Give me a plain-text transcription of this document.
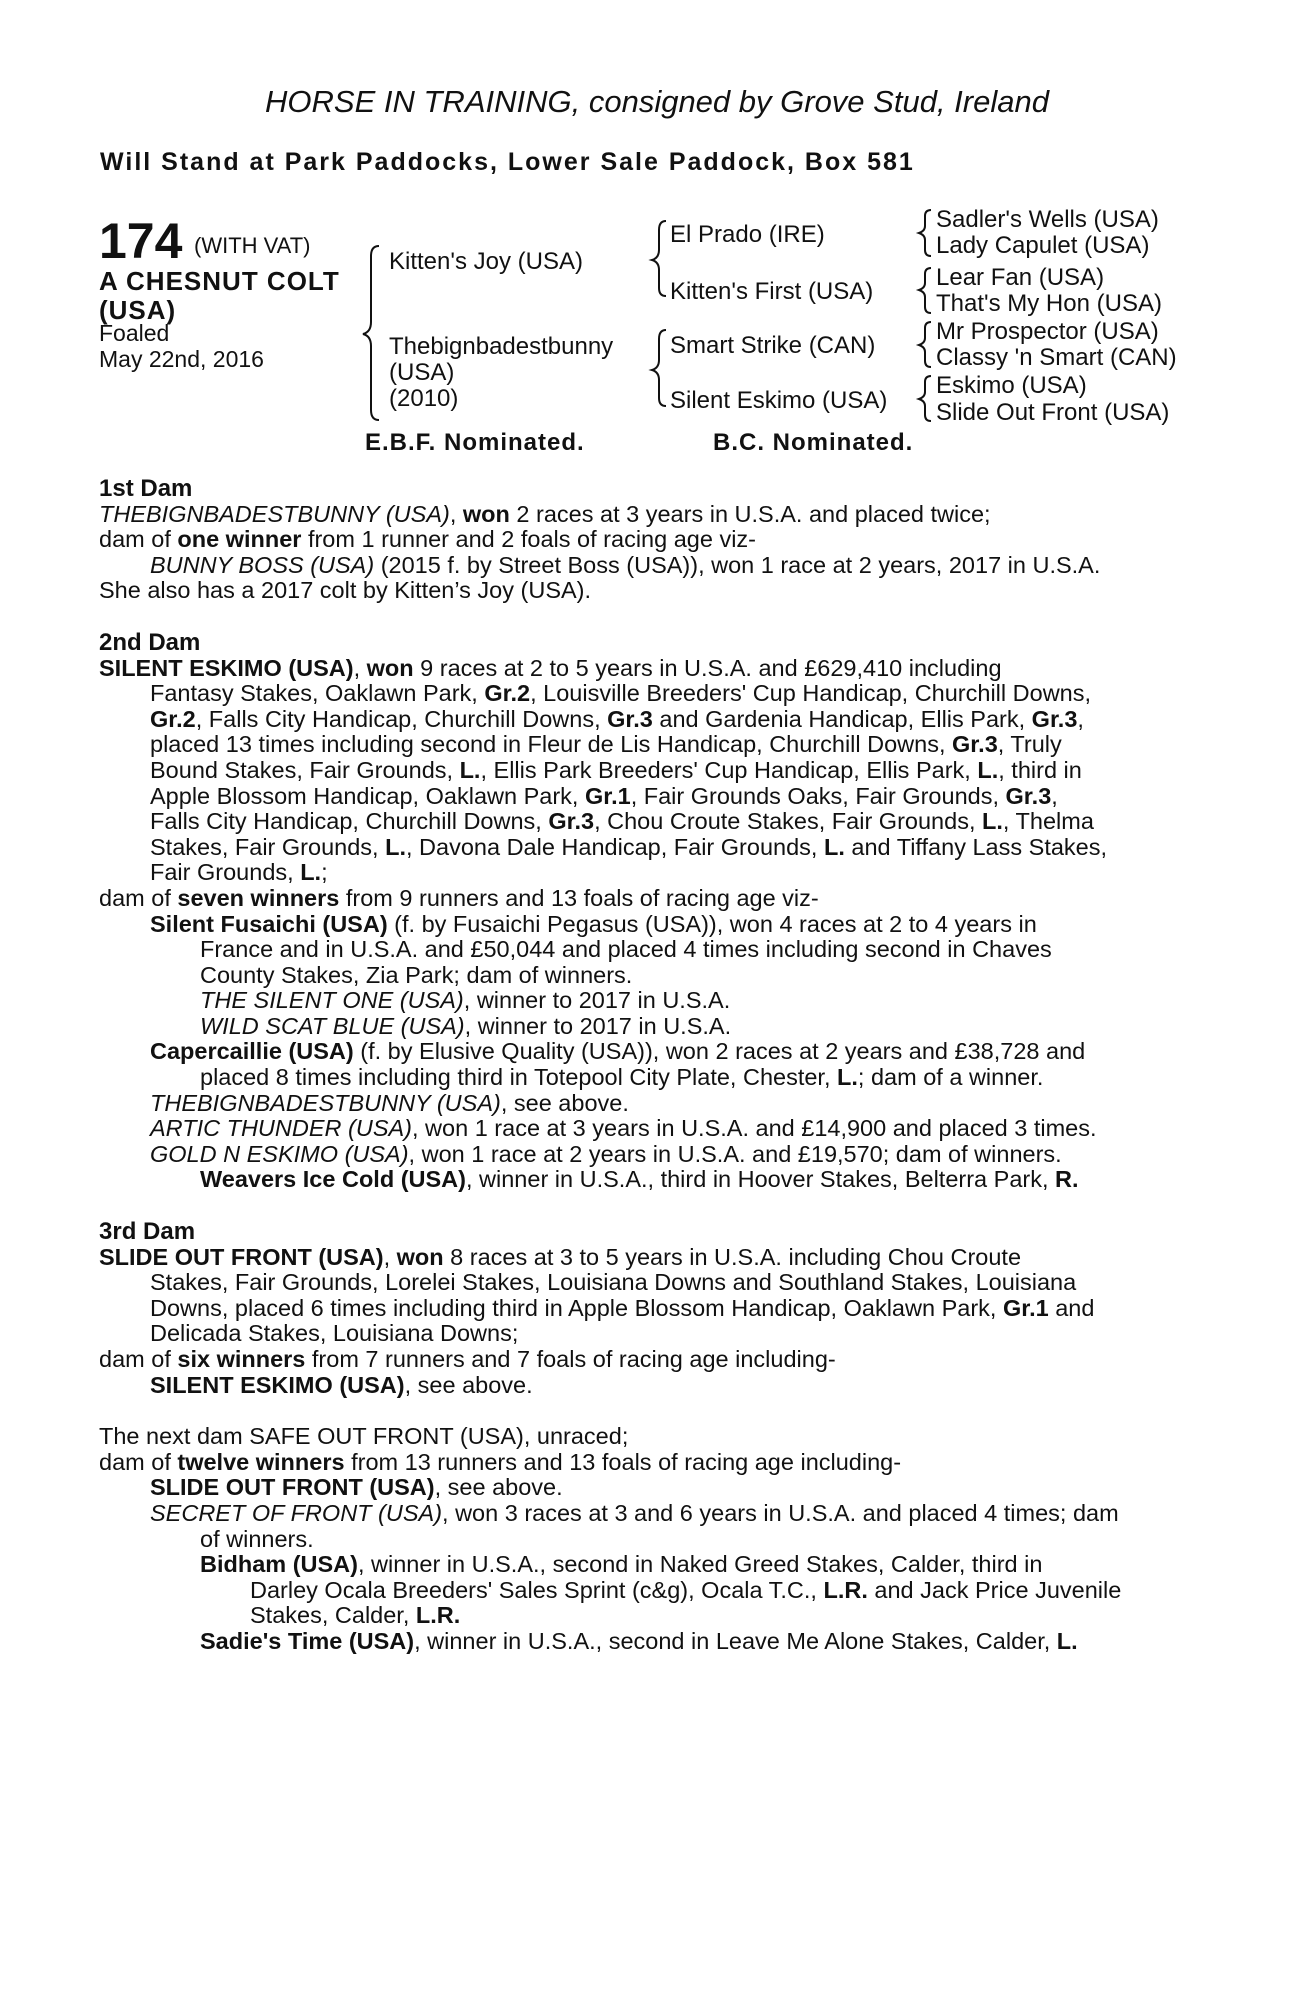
HORSE IN TRAINING, consigned by Grove Stud, Ireland
Will Stand at Park Paddocks, Lower Sale Paddock, Box 581
174 (WITH VAT)
A CHESNUT COLT
(USA)
Foaled
May 22nd, 2016
Kitten's Joy (USA)
Thebignbadestbunny
(USA)
(2010)
El Prado (IRE)
Kitten's First (USA)
Smart Strike (CAN)
Silent Eskimo (USA)
Sadler's Wells (USA)
Lady Capulet (USA)
Lear Fan (USA)
That's My Hon (USA)
Mr Prospector (USA)
Classy 'n Smart (CAN)
Eskimo (USA)
Slide Out Front (USA)
E.B.F. Nominated.	B.C. Nominated.

1st Dam

THEBIGNBADESTBUNNY (USA), won 2 races at 3 years in U.S.A. and placed twice;

dam of one winner from 1 runner and 2 foals of racing age viz-

BUNNY BOSS (USA) (2015 f. by Street Boss (USA)), won 1 race at 2 years, 2017 in U.S.A.

She also has a 2017 colt by Kitten’s Joy (USA).

2nd Dam

SILENT ESKIMO (USA), won 9 races at 2 to 5 years in U.S.A. and £629,410 including

Fantasy Stakes, Oaklawn Park, Gr.2, Louisville Breeders' Cup Handicap, Churchill Downs,

Gr.2, Falls City Handicap, Churchill Downs, Gr.3 and Gardenia Handicap, Ellis Park, Gr.3,

placed 13 times including second in Fleur de Lis Handicap, Churchill Downs, Gr.3, Truly

Bound Stakes, Fair Grounds, L., Ellis Park Breeders' Cup Handicap, Ellis Park, L., third in

Apple Blossom Handicap, Oaklawn Park, Gr.1, Fair Grounds Oaks, Fair Grounds, Gr.3,

Falls City Handicap, Churchill Downs, Gr.3, Chou Croute Stakes, Fair Grounds, L., Thelma

Stakes, Fair Grounds, L., Davona Dale Handicap, Fair Grounds, L. and Tiffany Lass Stakes,

Fair Grounds, L.;

dam of seven winners from 9 runners and 13 foals of racing age viz-

Silent Fusaichi (USA) (f. by Fusaichi Pegasus (USA)), won 4 races at 2 to 4 years in

France and in U.S.A. and £50,044 and placed 4 times including second in Chaves

County Stakes, Zia Park; dam of winners.

THE SILENT ONE (USA), winner to 2017 in U.S.A.

WILD SCAT BLUE (USA), winner to 2017 in U.S.A.

Capercaillie (USA) (f. by Elusive Quality (USA)), won 2 races at 2 years and £38,728 and

placed 8 times including third in Totepool City Plate, Chester, L.; dam of a winner.

THEBIGNBADESTBUNNY (USA), see above.

ARTIC THUNDER (USA), won 1 race at 3 years in U.S.A. and £14,900 and placed 3 times.

GOLD N ESKIMO (USA), won 1 race at 2 years in U.S.A. and £19,570; dam of winners.

Weavers Ice Cold (USA), winner in U.S.A., third in Hoover Stakes, Belterra Park, R.

3rd Dam

SLIDE OUT FRONT (USA), won 8 races at 3 to 5 years in U.S.A. including Chou Croute

Stakes, Fair Grounds, Lorelei Stakes, Louisiana Downs and Southland Stakes, Louisiana

Downs, placed 6 times including third in Apple Blossom Handicap, Oaklawn Park, Gr.1 and

Delicada Stakes, Louisiana Downs;

dam of six winners from 7 runners and 7 foals of racing age including-

SILENT ESKIMO (USA), see above.

The next dam SAFE OUT FRONT (USA), unraced;

dam of twelve winners from 13 runners and 13 foals of racing age including-

SLIDE OUT FRONT (USA), see above.

SECRET OF FRONT (USA), won 3 races at 3 and 6 years in U.S.A. and placed 4 times; dam

of winners.

Bidham (USA), winner in U.S.A., second in Naked Greed Stakes, Calder, third in

Darley Ocala Breeders' Sales Sprint (c&g), Ocala T.C., L.R. and Jack Price Juvenile

Stakes, Calder, L.R.

Sadie's Time (USA), winner in U.S.A., second in Leave Me Alone Stakes, Calder, L.
